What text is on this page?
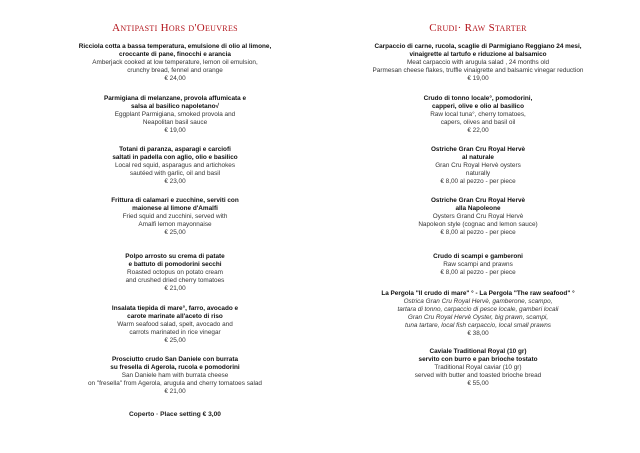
Antipasti Hors d'Oeuvres
Ricciola cotta a bassa temperatura, emulsione di olio al limone,
croccante di pane, finocchi e arancia
Amberjack cooked at low temperature, lemon oil emulsion,
crunchy bread, fennel and orange
€ 24,00
Parmigiana di melanzane, provola affumicata e
salsa al basilico napoletano√
Eggplant Parmigiana, smoked provola and
Neapolitan basil sauce
€ 19,00
Totani di paranza, asparagi e carciofi
saltati in padella con aglio, olio e basilico
Local red squid, asparagus and artichokes
sautéed with garlic, oil and basil
€ 23,00
Frittura di calamari e zucchine, serviti con
maionese al limone d'Amalfi
Fried squid and zucchini, served with
Amalfi lemon mayonnaise
€ 25,00
Polpo arrosto su crema di patate
e battuto di pomodorini secchi
Roasted octopus on potato cream
and crushed dried cherry tomatoes
€ 21,00
Insalata tiepida di mare°, farro, avocado e
carote marinate all'aceto di riso
Warm seafood salad, spelt, avocado and
carrots marinated in rice vinegar
€ 25,00
Prosciutto crudo San Daniele con burrata
su fresella di Agerola, rucola e pomodorini
San Daniele ham with burrata cheese
on "fresella" from Agerola, arugula and cherry tomatoes salad
€ 21,00
Coperto · Place setting € 3,00
Crudi· Raw Starter
Carpaccio di carne, rucola, scaglie di Parmigiano Reggiano 24 mesi,
vinaigrette al tartufo e riduzione al balsamico
Meat carpaccio with arugula salad , 24 months old
Parmesan cheese flakes, truffle vinaigrette and balsamic vinegar reduction
€ 19,00
Crudo di tonno locale°, pomodorini,
capperi, olive e olio al basilico
Raw local tuna°, cherry tomatoes,
capers, olives and basil oil
€ 22,00
Ostriche Gran Cru Royal Hervè
al naturale
Gran Cru Royal Hervè oysters
naturally
€ 8,00 al pezzo - per piece
Ostriche Gran Cru Royal Hervè
alla Napoleone
Oysters Grand Cru Royal Hervè
Napoleon style (cognac and lemon sauce)
€ 8,00 al pezzo - per piece
Crudo di scampi e gamberoni
Raw scampi and prawns
€ 8,00 al pezzo - per piece
La Pergola "Il crudo di mare" ° - La Pergola "The raw seafood" °
Ostrica Gran Cru Royal Hervè, gamberone, scampo,
tartara di tonno, carpaccio di pesce locale, gamberi locali
Gran Cru Royal Hervè Oyster, big prawn, scampi,
tuna tartare, local fish carpaccio, local small prawns
€ 38,00
Caviale Traditional Royal (10 gr)
servito con burro e pan brioche tostato
Traditional Royal caviar (10 gr)
served with butter and toasted brioche bread
€ 55,00
